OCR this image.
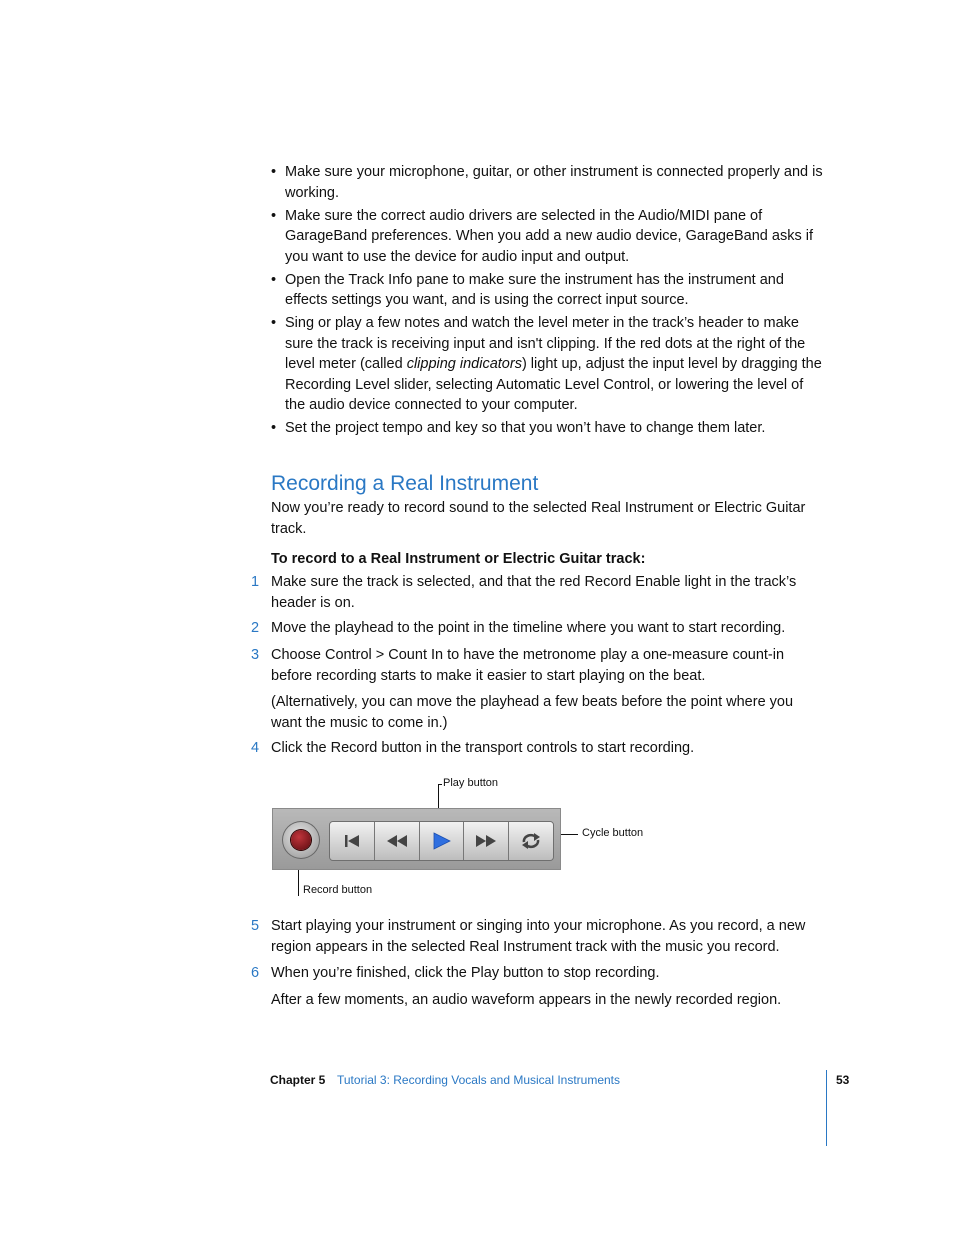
• Make sure your microphone, guitar, or other instrument is connected properly and is working.
• Make sure the correct audio drivers are selected in the Audio/MIDI pane of GarageBand preferences. When you add a new audio device, GarageBand asks if you want to use the device for audio input and output.
• Open the Track Info pane to make sure the instrument has the instrument and effects settings you want, and is using the correct input source.
• Sing or play a few notes and watch the level meter in the track’s header to make sure the track is receiving input and isn't clipping. If the red dots at the right of the level meter (called clipping indicators) light up, adjust the input level by dragging the Recording Level slider, selecting Automatic Level Control, or lowering the level of the audio device connected to your computer.
• Set the project tempo and key so that you won’t have to change them later.
Recording a Real Instrument

Now you’re ready to record sound to the selected Real Instrument or Electric Guitar track.

To record to a Real Instrument or Electric Guitar track:

1 Make sure the track is selected, and that the red Record Enable light in the track’s header is on.
2 Move the playhead to the point in the timeline where you want to start recording.
3 Choose Control > Count In to have the metronome play a one-measure count-in before recording starts to make it easier to start playing on the beat.
(Alternatively, you can move the playhead a few beats before the point where you want the music to come in.)
4 Click the Record button in the transport controls to start recording.
Play button
Cycle button
Record button
5 Start playing your instrument or singing into your microphone. As you record, a new region appears in the selected Real Instrument track with the music you record.
6 When you’re finished, click the Play button to stop recording.
After a few moments, an audio waveform appears in the newly recorded region.
Chapter 5 Tutorial 3: Recording Vocals and Musical Instruments	53
